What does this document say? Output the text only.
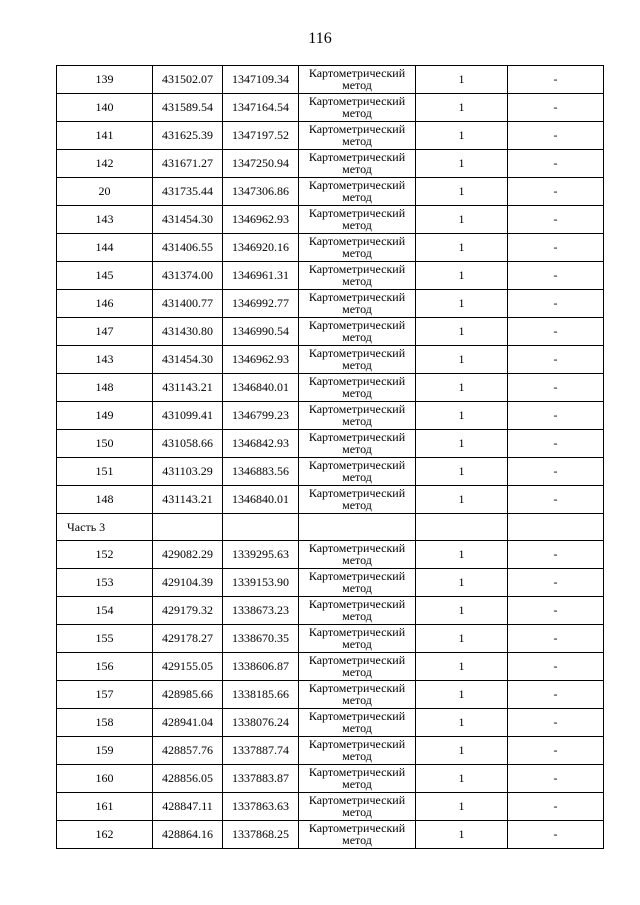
116
139	431502.07	1347109.34	Картометрический метод	1	-
140	431589.54	1347164.54	Картометрический метод	1	-
141	431625.39	1347197.52	Картометрический метод	1	-
142	431671.27	1347250.94	Картометрический метод	1	-
20	431735.44	1347306.86	Картометрический метод	1	-
143	431454.30	1346962.93	Картометрический метод	1	-
144	431406.55	1346920.16	Картометрический метод	1	-
145	431374.00	1346961.31	Картометрический метод	1	-
146	431400.77	1346992.77	Картометрический метод	1	-
147	431430.80	1346990.54	Картометрический метод	1	-
143	431454.30	1346962.93	Картометрический метод	1	-
148	431143.21	1346840.01	Картометрический метод	1	-
149	431099.41	1346799.23	Картометрический метод	1	-
150	431058.66	1346842.93	Картометрический метод	1	-
151	431103.29	1346883.56	Картометрический метод	1	-
148	431143.21	1346840.01	Картометрический метод	1	-
Часть 3					
152	429082.29	1339295.63	Картометрический метод	1	-
153	429104.39	1339153.90	Картометрический метод	1	-
154	429179.32	1338673.23	Картометрический метод	1	-
155	429178.27	1338670.35	Картометрический метод	1	-
156	429155.05	1338606.87	Картометрический метод	1	-
157	428985.66	1338185.66	Картометрический метод	1	-
158	428941.04	1338076.24	Картометрический метод	1	-
159	428857.76	1337887.74	Картометрический метод	1	-
160	428856.05	1337883.87	Картометрический метод	1	-
161	428847.11	1337863.63	Картометрический метод	1	-
162	428864.16	1337868.25	Картометрический метод	1	-
